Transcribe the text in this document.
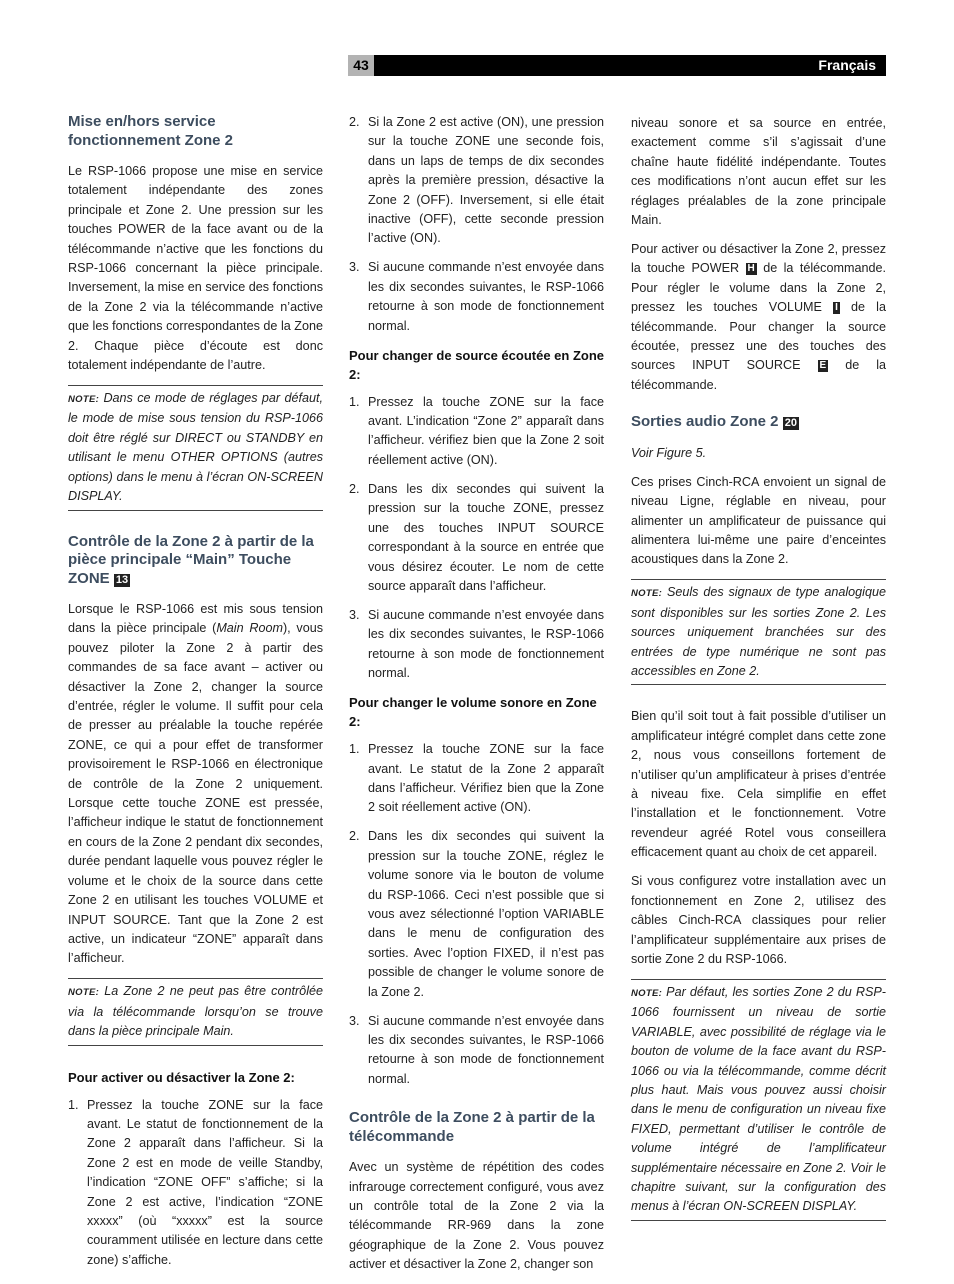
43	Français
Mise en/hors service fonctionnement Zone 2

Le RSP-1066 propose une mise en service totalement indépendante des zones principale et Zone 2. Une pression sur les touches POWER de la face avant ou de la télécommande n’active que les fonctions du RSP-1066 concernant la pièce principale. Inversement, la mise en service des fonctions de la Zone 2 via la télécommande n’active que les fonctions correspondantes de la Zone 2. Chaque pièce d’écoute est donc totalement indépendante de l’autre.

NOTE: Dans ce mode de réglages par défaut, le mode de mise sous tension du RSP-1066 doit être réglé sur DIRECT ou STANDBY en utilisant le menu OTHER OPTIONS (autres options) dans le menu à l’écran ON-SCREEN DISPLAY.
Contrôle de la Zone 2 à partir de la pièce principale “Main” Touche ZONE 13

Lorsque le RSP-1066 est mis sous tension dans la pièce principale (Main Room), vous pouvez piloter la Zone 2 à partir des commandes de sa face avant – activer ou désactiver la Zone 2, changer la source d’entrée, régler le volume. Il suffit pour cela de presser au préalable la touche repérée ZONE, ce qui a pour effet de transformer provisoirement le RSP-1066 en électronique de contrôle de la Zone 2 uniquement. Lorsque cette touche ZONE est pressée, l’afficheur indique le statut de fonctionnement en cours de la Zone 2 pendant dix secondes, durée pendant laquelle vous pouvez régler le volume et le choix de la source dans cette Zone 2 en utilisant les touches VOLUME et INPUT SOURCE. Tant que la Zone 2 est active, un indicateur “ZONE” apparaît dans l’afficheur.

NOTE: La Zone 2 ne peut pas être contrôlée via la télécommande lorsqu’on se trouve dans la pièce principale Main.
Pour activer ou désactiver la Zone 2:
1. Pressez la touche ZONE sur la face avant. Le statut de fonctionnement de la Zone 2 apparaît dans l’afficheur. Si la Zone 2 est en mode de veille Standby, l’indication “ZONE OFF” s’affiche; si la Zone 2 est active, l’indication “ZONE xxxxx” (où “xxxxx” est la source couramment utilisée en lecture dans cette zone) s’affiche.
2. Si la Zone 2 est active (ON), une pression sur la touche ZONE une seconde fois, dans un laps de temps de dix secondes après la première pression, désactive la Zone 2 (OFF). Inversement, si elle était inactive (OFF), cette seconde pression l’active (ON).
3. Si aucune commande n’est envoyée dans les dix secondes suivantes, le RSP-1066 retourne à son mode de fonctionnement normal.
Pour changer de source écoutée en Zone 2:
1. Pressez la touche ZONE sur la face avant. L’indication “Zone 2” apparaît dans l’afficheur. vérifiez bien que la Zone 2 soit réellement active (ON).
2. Dans les dix secondes qui suivent la pression sur la touche ZONE, pressez une des touches INPUT SOURCE correspondant à la source en entrée que vous désirez écouter. Le nom de cette source apparaît dans l’afficheur.
3. Si aucune commande n’est envoyée dans les dix secondes suivantes, le RSP-1066 retourne à son mode de fonctionnement normal.
Pour changer le volume sonore en Zone 2:
1. Pressez la touche ZONE sur la face avant. Le statut de la Zone 2 apparaît dans l’afficheur. Vérifiez bien que la Zone 2 soit réellement active (ON).
2. Dans les dix secondes qui suivent la pression sur la touche ZONE, réglez le volume sonore via le bouton de volume du RSP-1066. Ceci n’est possible que si vous avez sélectionné l’option VARIABLE dans le menu de configuration des sorties. Avec l’option FIXED, il n’est pas possible de changer le volume sonore de la Zone 2.
3. Si aucune commande n’est envoyée dans les dix secondes suivantes, le RSP-1066 retourne à son mode de fonctionnement normal.
Contrôle de la Zone 2 à partir de la télécommande

Avec un système de répétition des codes infrarouge correctement configuré, vous avez un contrôle total de la Zone 2 via la télécommande RR-969 dans la zone géographique de la Zone 2. Vous pouvez activer et désactiver la Zone 2, changer son

niveau sonore et sa source en entrée, exactement comme s’il s’agissait d’une chaîne haute fidélité indépendante. Toutes ces modifications n’ont aucun effet sur les réglages préalables de la zone principale Main.

Pour activer ou désactiver la Zone 2, pressez la touche POWER H de la télécommande. Pour régler le volume dans la Zone 2, pressez les touches VOLUME I de la télécommande. Pour changer la source écoutée, pressez une des touches des sources INPUT SOURCE E de la télécommande.

Sorties audio Zone 2 20

Voir Figure 5.

Ces prises Cinch-RCA envoient un signal de niveau Ligne, réglable en niveau, pour alimenter un amplificateur de puissance qui alimentera lui-même une paire d’enceintes acoustiques dans la Zone 2.

NOTE: Seuls des signaux de type analogique sont disponibles sur les sorties Zone 2. Les sources uniquement branchées sur des entrées de type numérique ne sont pas accessibles en Zone 2.

Bien qu’il soit tout à fait possible d’utiliser un amplificateur intégré complet dans cette zone 2, nous vous conseillons fortement de n’utiliser qu’un amplificateur à prises d’entrée à niveau fixe. Cela simplifie en effet l’installation et le fonctionnement. Votre revendeur agréé Rotel vous conseillera efficacement quant au choix de cet appareil.

Si vous configurez votre installation avec un fonctionnement en Zone 2, utilisez des câbles Cinch-RCA classiques pour relier l’amplificateur supplémentaire aux prises de sortie Zone 2 du RSP-1066.

NOTE: Par défaut, les sorties Zone 2 du RSP-1066 fournissent un niveau de sortie VARIABLE, avec possibilité de réglage via le bouton de volume de la face avant du RSP-1066 ou via la télécommande, comme décrit plus haut. Mais vous pouvez aussi choisir dans le menu de configuration un niveau fixe FIXED, permettant d’utiliser le contrôle de volume intégré de l’amplificateur supplémentaire nécessaire en Zone 2. Voir le chapitre suivant, sur la configuration des menus à l’écran ON-SCREEN DISPLAY.
